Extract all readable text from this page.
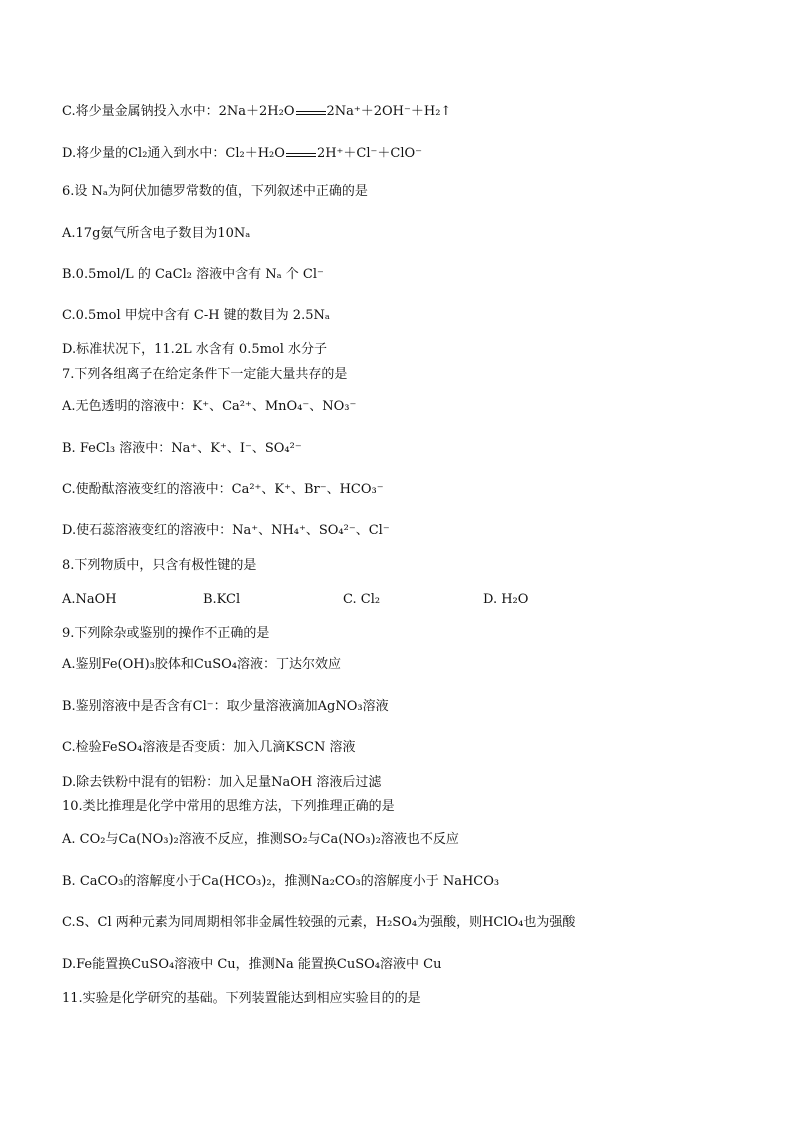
C.将少量金属钠投入水中：2Na＋2H₂O 2Na⁺＋2OH⁻＋H₂↑
D.将少量的Cl₂通入到水中：Cl₂＋H₂O 2H⁺＋Cl⁻＋ClO⁻
6.设 Nₐ为阿伏加德罗常数的值，下列叙述中正确的是
A.17g氨气所含电子数目为10Nₐ
B.0.5mol/L 的 CaCl₂ 溶液中含有 Nₐ 个 Cl⁻
C.0.5mol 甲烷中含有 C-H 键的数目为 2.5Nₐ
D.标准状况下，11.2L 水含有 0.5mol 水分子
7.下列各组离子在给定条件下一定能大量共存的是
A.无色透明的溶液中：K⁺、Ca²⁺、MnO₄⁻、NO₃⁻
B. FeCl₃ 溶液中：Na⁺、K⁺、I⁻、SO₄²⁻
C.使酚酞溶液变红的溶液中：Ca²⁺、K⁺、Br⁻、HCO₃⁻
D.使石蕊溶液变红的溶液中：Na⁺、NH₄⁺、SO₄²⁻、Cl⁻
8.下列物质中，只含有极性键的是
9.下列除杂或鉴别的操作不正确的是
A.鉴别Fe(OH)₃胶体和CuSO₄溶液：丁达尔效应
B.鉴别溶液中是否含有Cl⁻：取少量溶液滴加AgNO₃溶液
C.检验FeSO₄溶液是否变质：加入几滴KSCN 溶液
D.除去铁粉中混有的铝粉：加入足量NaOH 溶液后过滤
10.类比推理是化学中常用的思维方法，下列推理正确的是
A. CO₂与Ca(NO₃)₂溶液不反应，推测SO₂与Ca(NO₃)₂溶液也不反应
B. CaCO₃的溶解度小于Ca(HCO₃)₂，推测Na₂CO₃的溶解度小于 NaHCO₃
C.S、Cl 两种元素为同周期相邻非金属性较强的元素，H₂SO₄为强酸，则HClO₄也为强酸
D.Fe能置换CuSO₄溶液中 Cu，推测Na 能置换CuSO₄溶液中 Cu
11.实验是化学研究的基础。下列装置能达到相应实验目的的是
A.NaOH	B.KCl	C. Cl₂	D. H₂O
